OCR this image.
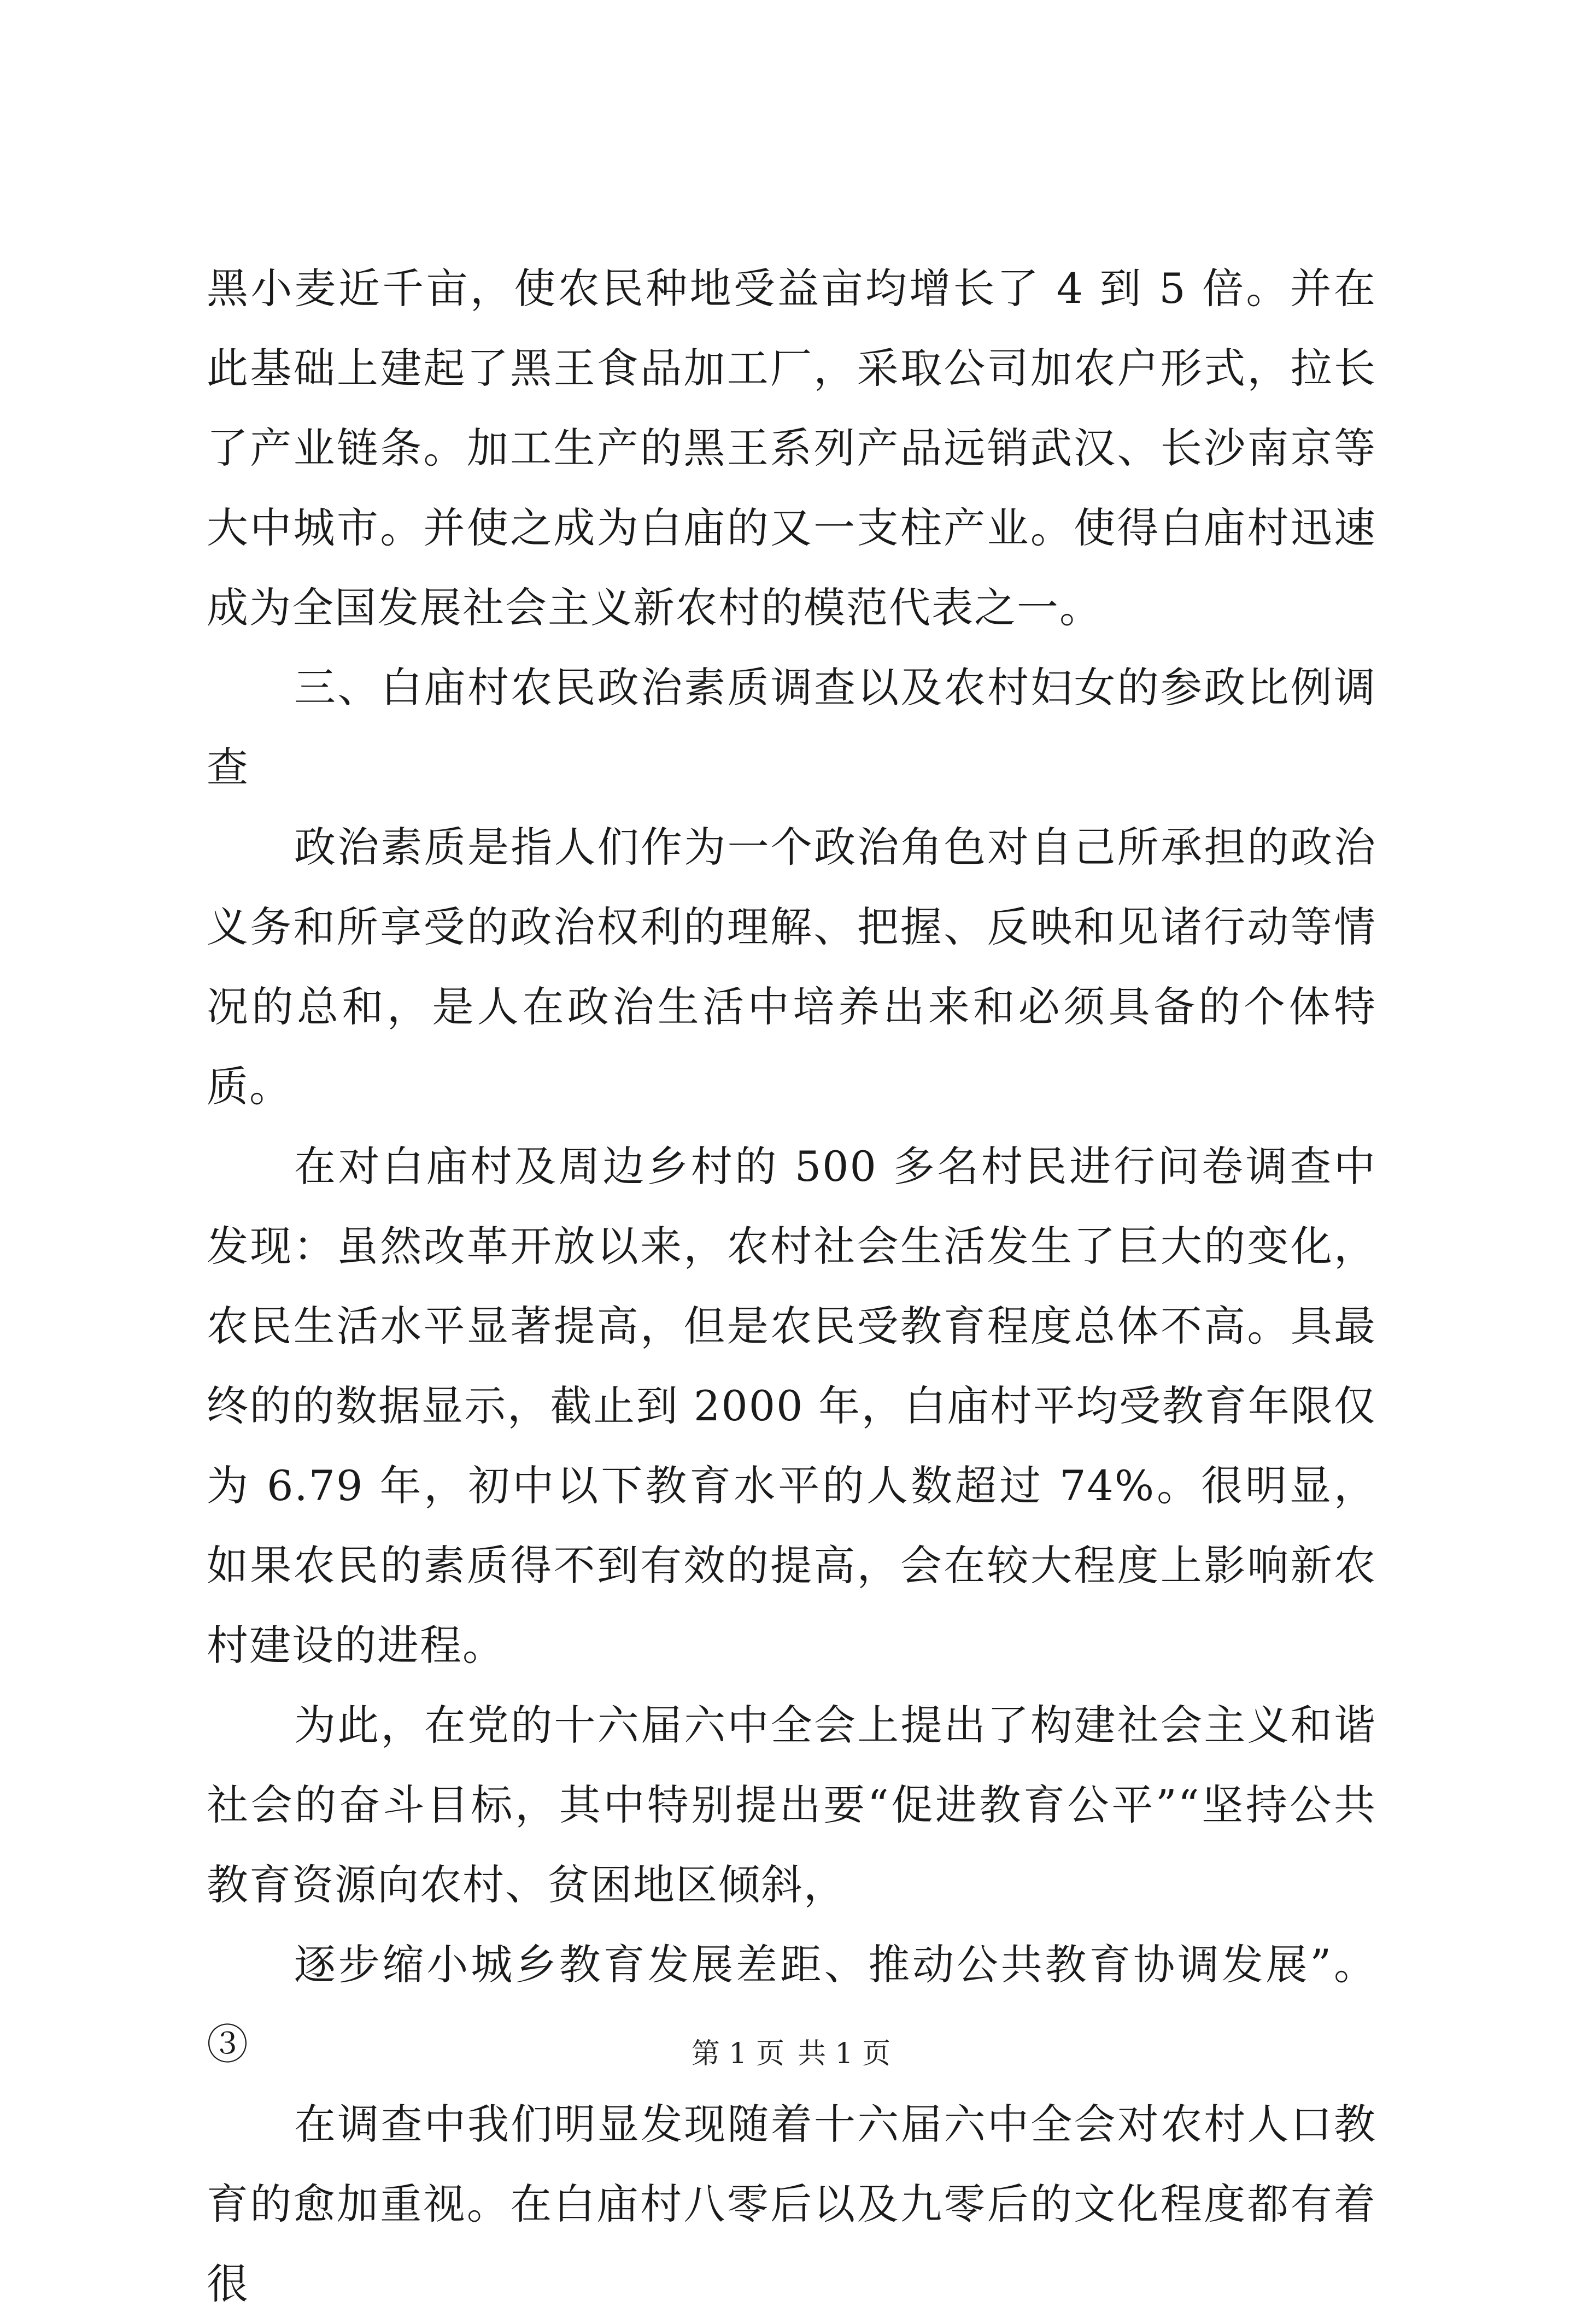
黑小麦近千亩，使农民种地受益亩均增长了 4 到 5 倍。并在此基础上建起了黑王食品加工厂，采取公司加农户形式，拉长了产业链条。加工生产的黑王系列产品远销武汉、长沙南京等大中城市。并使之成为白庙的又一支柱产业。使得白庙村迅速成为全国发展社会主义新农村的模范代表之一。

三、白庙村农民政治素质调查以及农村妇女的参政比例调查

政治素质是指人们作为一个政治角色对自己所承担的政治义务和所享受的政治权利的理解、把握、反映和见诸行动等情况的总和，是人在政治生活中培养出来和必须具备的个体特质。

在对白庙村及周边乡村的 500 多名村民进行问卷调查中发现：虽然改革开放以来，农村社会生活发生了巨大的变化，农民生活水平显著提高，但是农民受教育程度总体不高。具最终的的数据显示，截止到 2000 年，白庙村平均受教育年限仅为 6.79 年，初中以下教育水平的人数超过 74%。很明显，如果农民的素质得不到有效的提高，会在较大程度上影响新农村建设的进程。

为此，在党的十六届六中全会上提出了构建社会主义和谐社会的奋斗目标，其中特别提出要“促进教育公平”“坚持公共教育资源向农村、贫困地区倾斜，

逐步缩小城乡教育发展差距、推动公共教育协调发展”。③

在调查中我们明显发现随着十六届六中全会对农村人口教育的愈加重视。在白庙村八零后以及九零后的文化程度都有着很

第 1 页 共 1 页
